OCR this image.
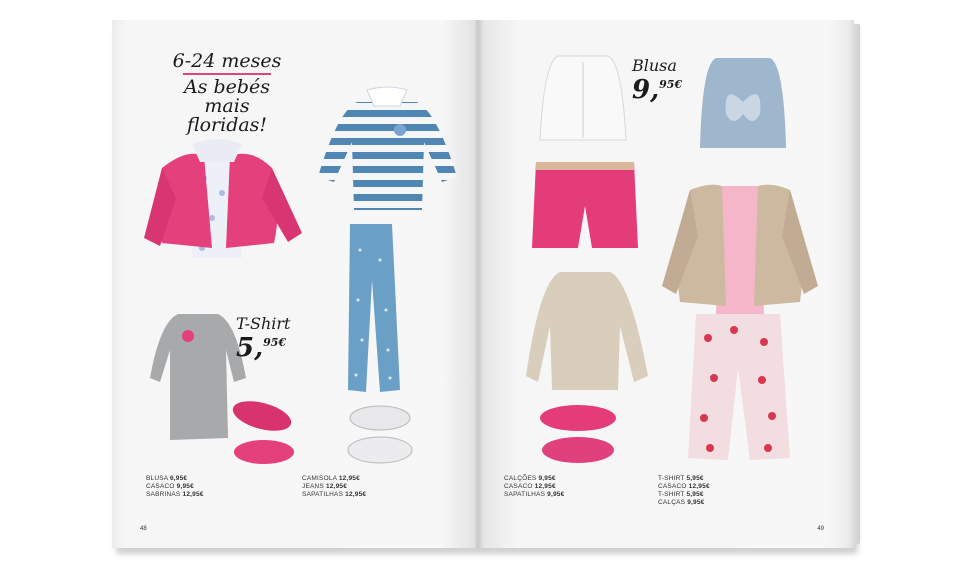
6-24 meses
As bebés
mais floridas!
T-Shirt
5,$^{95€}$
BLUSA 6,95€
CASACO 9,95€
SABRINAS 12,95€
CAMISOLA 12,95€
JEANS 12,95€
SAPATILHAS 12,95€
48
Blusa
9,$^{95€}$
CALÇÕES 9,95€
CASACO 12,95€
SAPATILHAS 9,95€
T-SHIRT 5,95€
CASACO 12,95€
T-SHIRT 5,95€
CALÇAS 9,95€
49
